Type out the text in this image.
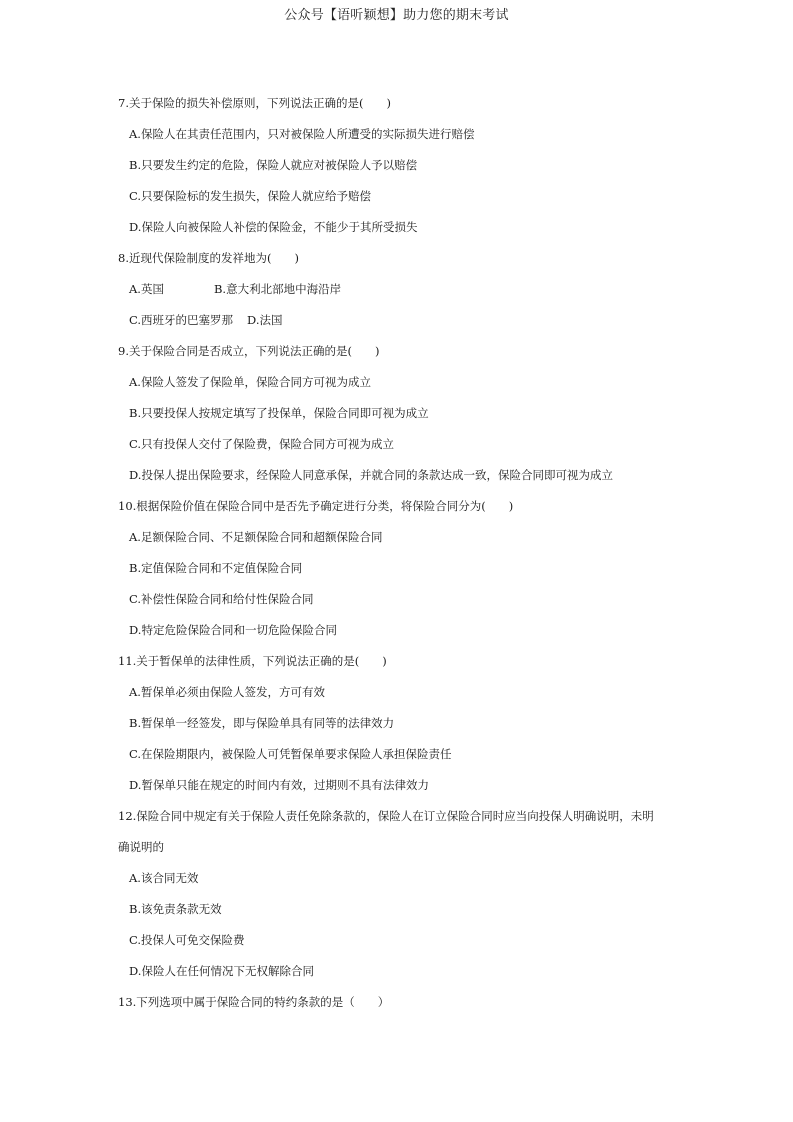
公众号【语听颖想】助力您的期末考试
7.关于保险的损失补偿原则，下列说法正确的是(　　)
A.保险人在其责任范围内，只对被保险人所遭受的实际损失进行赔偿
B.只要发生约定的危险，保险人就应对被保险人予以赔偿
C.只要保险标的发生损失，保险人就应给予赔偿
D.保险人向被保险人补偿的保险金，不能少于其所受损失
8.近现代保险制度的发祥地为(　　)
A.英国	B.意大利北部地中海沿岸
C.西班牙的巴塞罗那 D.法国
9.关于保险合同是否成立，下列说法正确的是(　　)
A.保险人签发了保险单，保险合同方可视为成立
B.只要投保人按规定填写了投保单，保险合同即可视为成立
C.只有投保人交付了保险费，保险合同方可视为成立
D.投保人提出保险要求，经保险人同意承保，并就合同的条款达成一致，保险合同即可视为成立
10.根据保险价值在保险合同中是否先予确定进行分类，将保险合同分为(　　)
A.足额保险合同、不足额保险合同和超额保险合同
B.定值保险合同和不定值保险合同
C.补偿性保险合同和给付性保险合同
D.特定危险保险合同和一切危险保险合同
11.关于暂保单的法律性质，下列说法正确的是(　　)
A.暂保单必须由保险人签发，方可有效
B.暂保单一经签发，即与保险单具有同等的法律效力
C.在保险期限内，被保险人可凭暂保单要求保险人承担保险责任
D.暂保单只能在规定的时间内有效，过期则不具有法律效力
12.保险合同中规定有关于保险人责任免除条款的，保险人在订立保险合同时应当向投保人明确说明，未明
确说明的
A.该合同无效
B.该免责条款无效
C.投保人可免交保险费
D.保险人在任何情况下无权解除合同
13.下列选项中属于保险合同的特约条款的是（　　）
